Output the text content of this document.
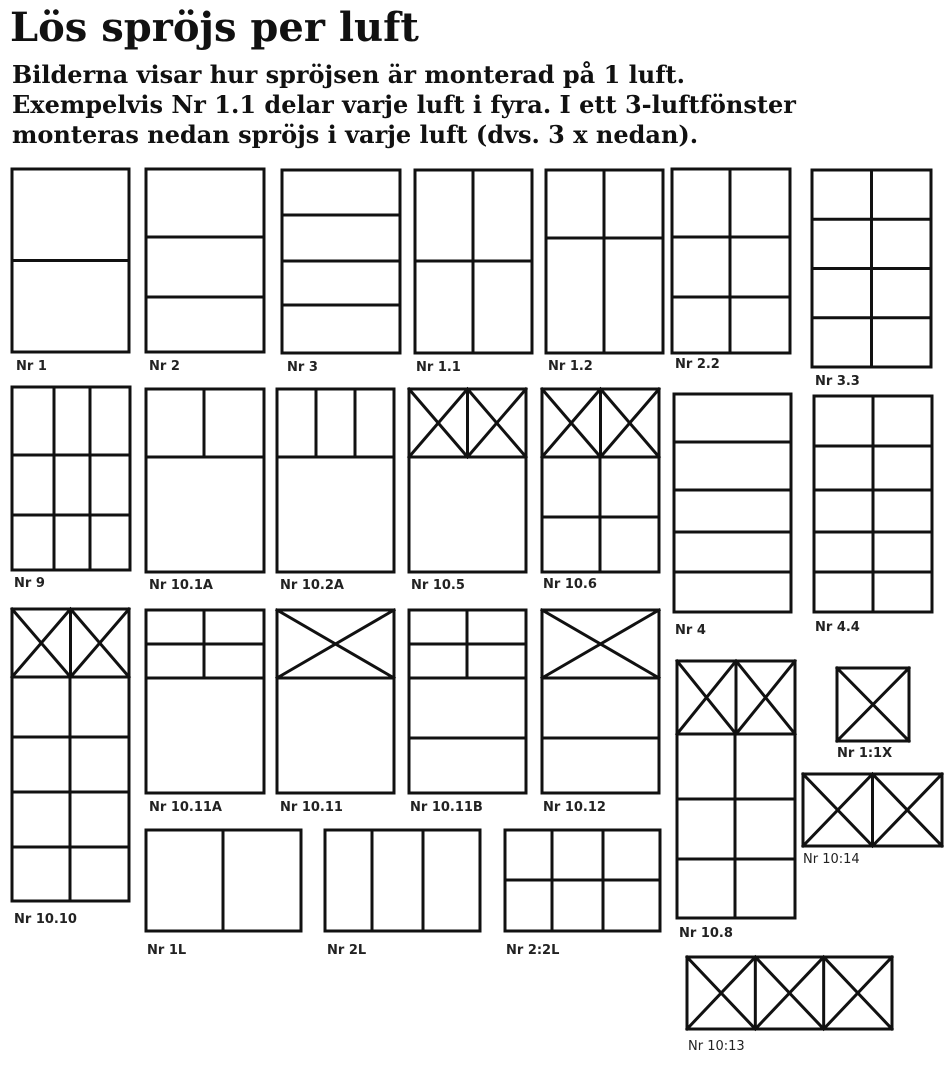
Lös spröjs per luft
Bilderna visar hur spröjsen är monterad på 1 luft.
Exempelvis Nr 1.1 delar varje luft i fyra. I ett 3-luftfönster
monteras nedan spröjs i varje luft (dvs. 3 x nedan).
Nr 1	Nr 2	Nr 3	Nr 1.1	Nr 1.2	Nr 2.2
Nr 3.3
Nr 9	Nr 10.1A	Nr 10.2A	Nr 10.5	Nr 10.6
Nr 4	Nr 4.4
Nr 10.10
Nr 10.11A	Nr 10.11	Nr 10.11B	Nr 10.12
Nr 10.8
Nr 1:1X
Nr 10:14
Nr 1L	Nr 2L	Nr 2:2L
Nr 10:13
